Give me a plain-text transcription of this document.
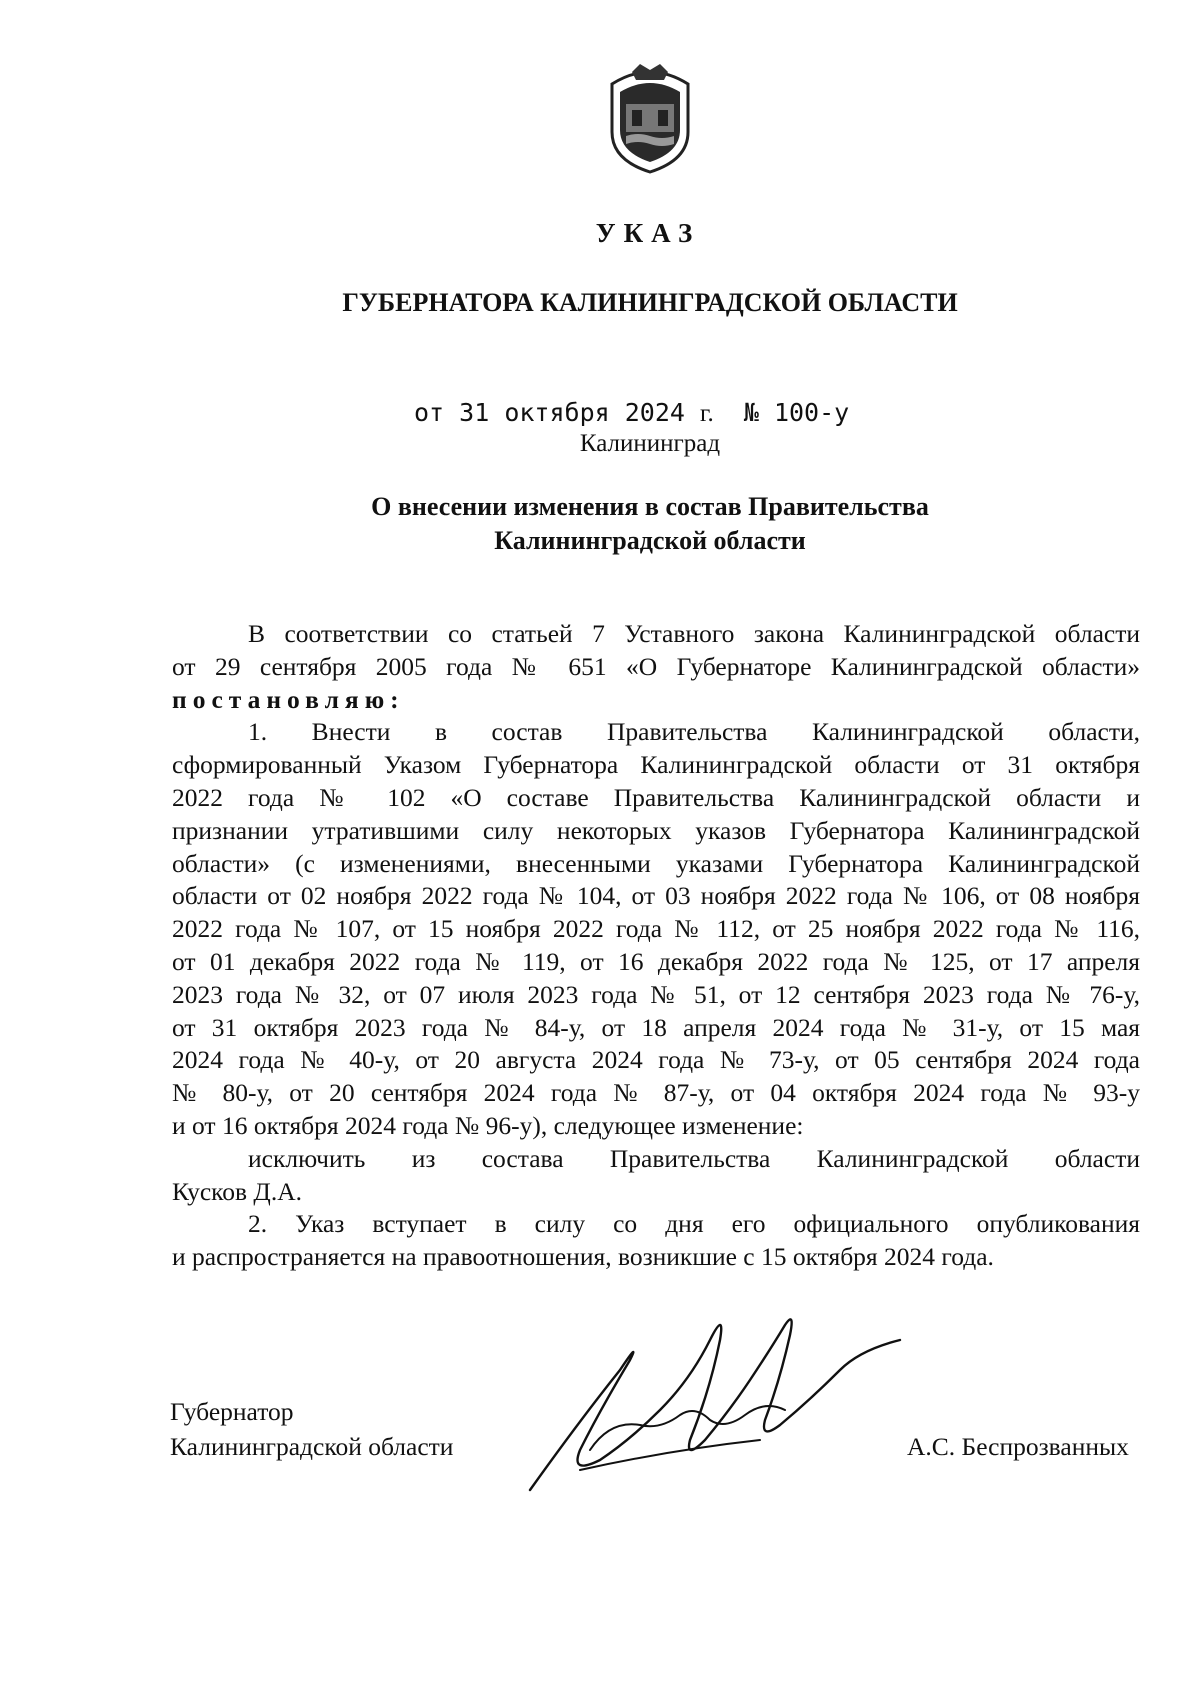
УКАЗ
ГУБЕРНАТОРА КАЛИНИНГРАДСКОЙ ОБЛАСТИ
от 31 октября 2024 г. № 100-у
Калининград
О внесении изменения в состав Правительства
Калининградской области
В соответствии со статьей 7 Уставного закона Калининградской области
от 29 сентября 2005 года № 651 «О Губернаторе Калининградской области»
постановляю:
1. Внести в состав Правительства Калининградской области,
сформированный Указом Губернатора Калининградской области от 31 октября
2022 года № 102 «О составе Правительства Калининградской области и
признании утратившими силу некоторых указов Губернатора Калининградской
области» (с изменениями, внесенными указами Губернатора Калининградской
области от 02 ноября 2022 года № 104, от 03 ноября 2022 года № 106, от 08 ноября
2022 года № 107, от 15 ноября 2022 года № 112, от 25 ноября 2022 года № 116,
от 01 декабря 2022 года № 119, от 16 декабря 2022 года № 125, от 17 апреля
2023 года № 32, от 07 июля 2023 года № 51, от 12 сентября 2023 года № 76-у,
от 31 октября 2023 года № 84-у, от 18 апреля 2024 года № 31-у, от 15 мая
2024 года № 40-у, от 20 августа 2024 года № 73-у, от 05 сентября 2024 года
№ 80-у, от 20 сентября 2024 года № 87-у, от 04 октября 2024 года № 93-у
и от 16 октября 2024 года № 96-у), следующее изменение:
исключить из состава Правительства Калининградской области
Кусков Д.А.
2. Указ вступает в силу со дня его официального опубликования
и распространяется на правоотношения, возникшие с 15 октября 2024 года.
Губернатор
Калининградской области	А.С. Беспрозванных
